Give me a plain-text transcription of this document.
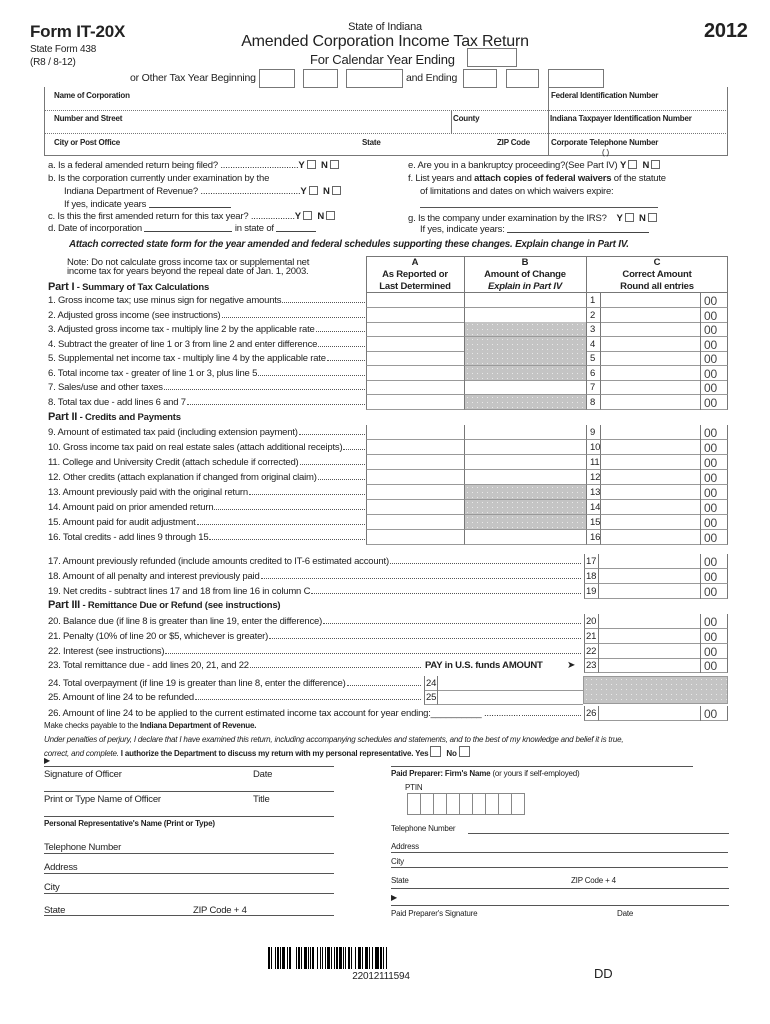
Form IT-20X
State Form 438
(R8 / 8-12)
State of Indiana
Amended Corporation Income Tax Return
For Calendar Year Ending
2012
or Other Tax Year Beginning	and Ending
Name of Corporation	Federal Identification Number
Number and Street	County	Indiana Taxpayer Identification Number
City or Post Office	State	ZIP Code	Corporate Telephone Number
( )
a. Is a federal amended return being filed? ................................Y N
b. Is the corporation currently under examination by the
Indiana Department of Revenue? .........................................Y N
If yes, indicate years
c. Is this the first amended return for this tax year? ..................Y N
d. Date of incorporation	in state of
e. Are you in a bankruptcy proceeding?(See Part IV) Y N
f. List years and attach copies of federal waivers of the statute
of limitations and dates on which waivers expire:
g. Is the company under examination by the IRS? Y N
If yes, indicate years:
Attach corrected state form for the year amended and federal schedules supporting these changes. Explain change in Part IV.
Note: Do not calculate gross income tax or supplemental net
income tax for years beyond the repeal date of Jan. 1, 2003.
Part I - Summary of Tax Calculations
A
As Reported or
Last Determined
B
Amount of Change
Explain in Part IV
C
Correct Amount
Round all entries
Part II - Credits and Payments
Part III - Remittance Due or Refund (see instructions)
PAY in U.S. funds AMOUNT ➤
1. Gross income tax; use minus sign for negative amounts	1	00
2. Adjusted gross income (see instructions)	2	00
3. Adjusted gross income tax - multiply line 2 by the applicable rate	3	00
4. Subtract the greater of line 1 or 3 from line 2 and enter difference	4	00
5. Supplemental net income tax - multiply line 4 by the applicable rate	5	00
6. Total income tax - greater of line 1 or 3, plus line 5	6	00
7. Sales/use and other taxes	7	00
8. Total tax due - add lines 6 and 7	8	00
9. Amount of estimated tax paid (including extension payment)	9	00
10. Gross income tax paid on real estate sales (attach additional receipts)	10	00
11. College and University Credit (attach schedule if corrected)	11	00
12. Other credits (attach explanation if changed from original claim)	12	00
13. Amount previously paid with the original return	13	00
14. Amount paid on prior amended return	14	00
15. Amount paid for audit adjustment	15	00
16. Total credits - add lines 9 through 15	16	00
17. Amount previously refunded (include amounts credited to IT-6 estimated account)	17	00
18. Amount of all penalty and interest previously paid	18	00
19. Net credits - subtract lines 17 and 18 from line 16 in column C	19	00
20. Balance due (if line 8 is greater than line 19, enter the difference)	20	00
21. Penalty (10% of line 20 or $5, whichever is greater)	21	00
22. Interest (see instructions)	22	00
23. Total remittance due - add lines 20, 21, and 22	23	00
24. Total overpayment (if line 19 is greater than line 8, enter the difference)	24
25. Amount of line 24 to be refunded	25
26. Amount of line 24 to be applied to the current estimated income tax account for year ending:__________ ...............	26	00
Make checks payable to the Indiana Department of Revenue.
Under penalties of perjury, I declare that I have examined this return, including accompanying schedules and statements, and to the best of my knowledge and belief it is true,
correct, and complete. I authorize the Department to discuss my return with my personal representative. Yes No
▶
Signature of Officer	Date
Print or Type Name of Officer	Title
Personal Representative's Name (Print or Type)
Telephone Number
Address
City
State	ZIP Code + 4
Paid Preparer: Firm's Name (or yours if self-employed)
PTIN
Telephone Number
Address
City
State	ZIP Code + 4
▶
Paid Preparer's Signature	Date
22012111594	DD
